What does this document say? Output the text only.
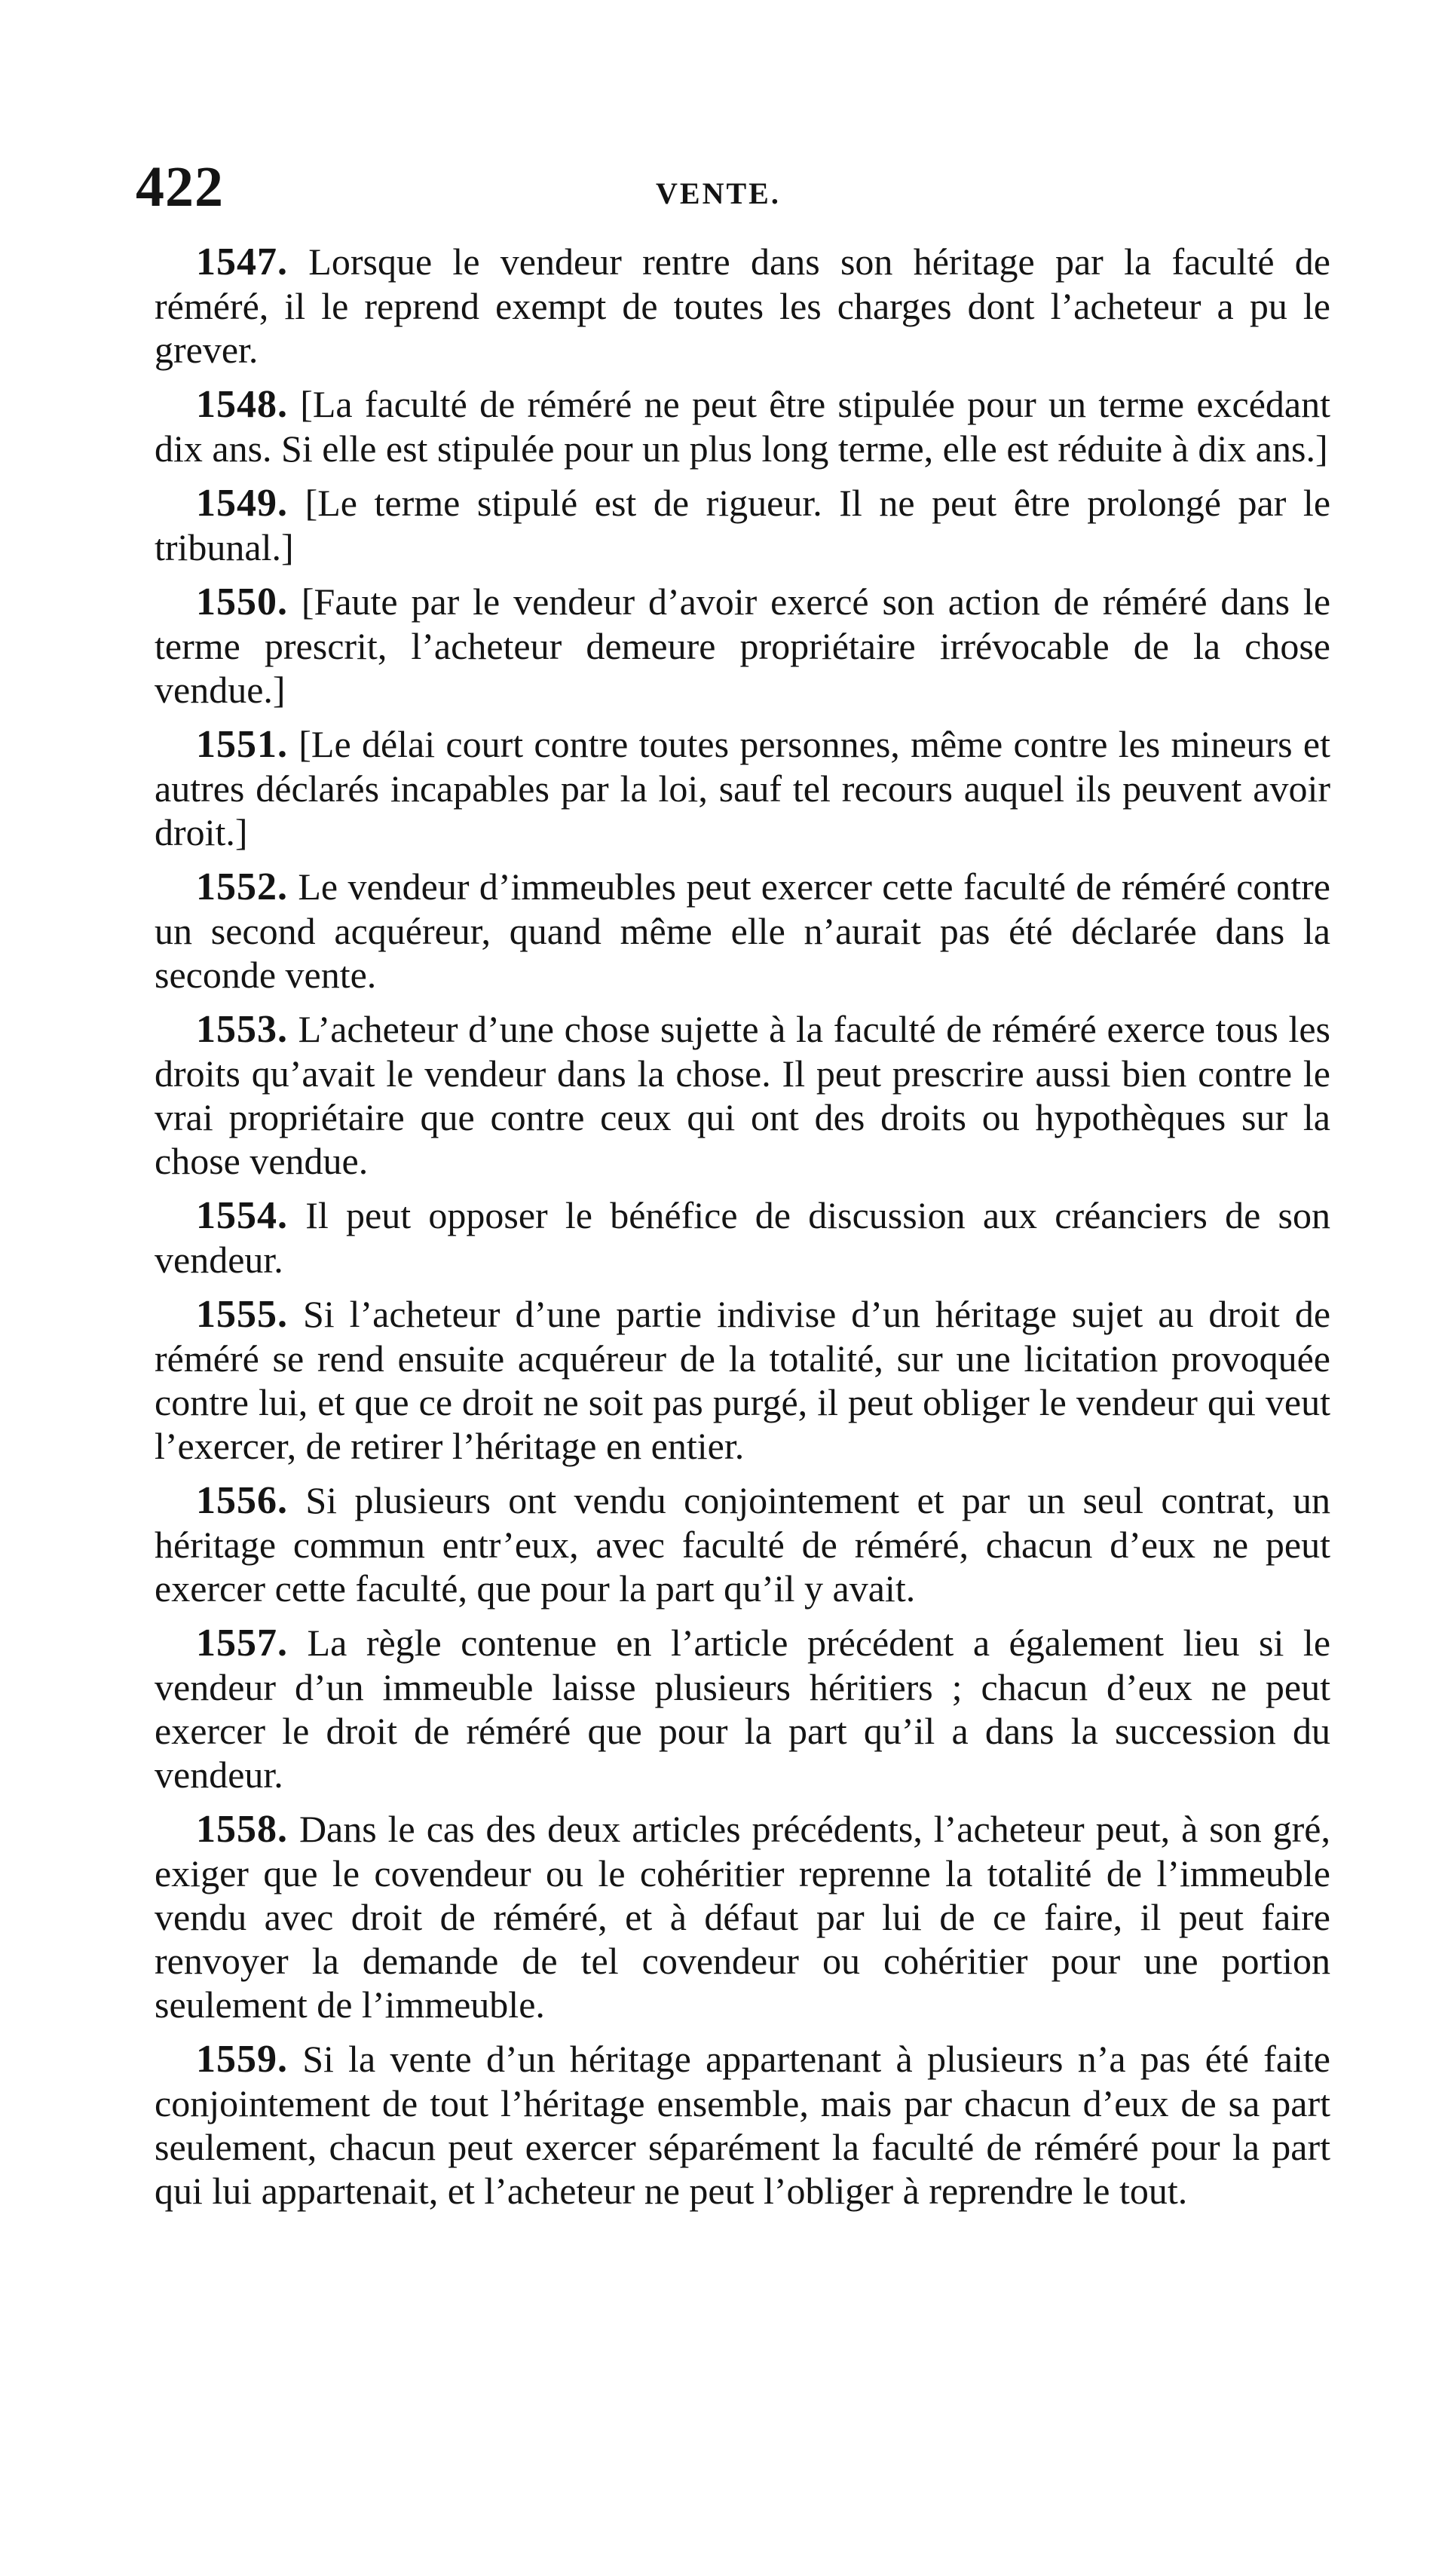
422	VENTE.

1547. Lorsque le vendeur rentre dans son héritage par la faculté de réméré, il le reprend exempt de toutes les charges dont l’acheteur a pu le grever.

1548. [La faculté de réméré ne peut être stipulée pour un terme excédant dix ans. Si elle est stipulée pour un plus long terme, elle est réduite à dix ans.]

1549. [Le terme stipulé est de rigueur. Il ne peut être prolongé par le tribunal.]

1550. [Faute par le vendeur d’avoir exercé son action de réméré dans le terme prescrit, l’acheteur demeure propriétaire irrévocable de la chose vendue.]

1551. [Le délai court contre toutes personnes, même contre les mineurs et autres déclarés incapables par la loi, sauf tel recours auquel ils peuvent avoir droit.]

1552. Le vendeur d’immeubles peut exercer cette faculté de réméré contre un second acquéreur, quand même elle n’aurait pas été déclarée dans la seconde vente.

1553. L’acheteur d’une chose sujette à la faculté de réméré exerce tous les droits qu’avait le vendeur dans la chose. Il peut prescrire aussi bien contre le vrai propriétaire que contre ceux qui ont des droits ou hypothèques sur la chose vendue.

1554. Il peut opposer le bénéfice de discussion aux créanciers de son vendeur.

1555. Si l’acheteur d’une partie indivise d’un héritage sujet au droit de réméré se rend ensuite acquéreur de la totalité, sur une licitation provoquée contre lui, et que ce droit ne soit pas purgé, il peut obliger le vendeur qui veut l’exercer, de retirer l’héritage en entier.

1556. Si plusieurs ont vendu conjointement et par un seul contrat, un héritage commun entr’eux, avec faculté de réméré, chacun d’eux ne peut exercer cette faculté, que pour la part qu’il y avait.

1557. La règle contenue en l’article précédent a également lieu si le vendeur d’un immeuble laisse plusieurs héritiers ; chacun d’eux ne peut exercer le droit de réméré que pour la part qu’il a dans la succession du vendeur.

1558. Dans le cas des deux articles précédents, l’acheteur peut, à son gré, exiger que le covendeur ou le cohéritier reprenne la totalité de l’immeuble vendu avec droit de réméré, et à défaut par lui de ce faire, il peut faire renvoyer la demande de tel covendeur ou cohéritier pour une portion seulement de l’immeuble.

1559. Si la vente d’un héritage appartenant à plusieurs n’a pas été faite conjointement de tout l’héritage ensemble, mais par chacun d’eux de sa part seulement, chacun peut exercer séparément la faculté de réméré pour la part qui lui appartenait, et l’acheteur ne peut l’obliger à reprendre le tout.
